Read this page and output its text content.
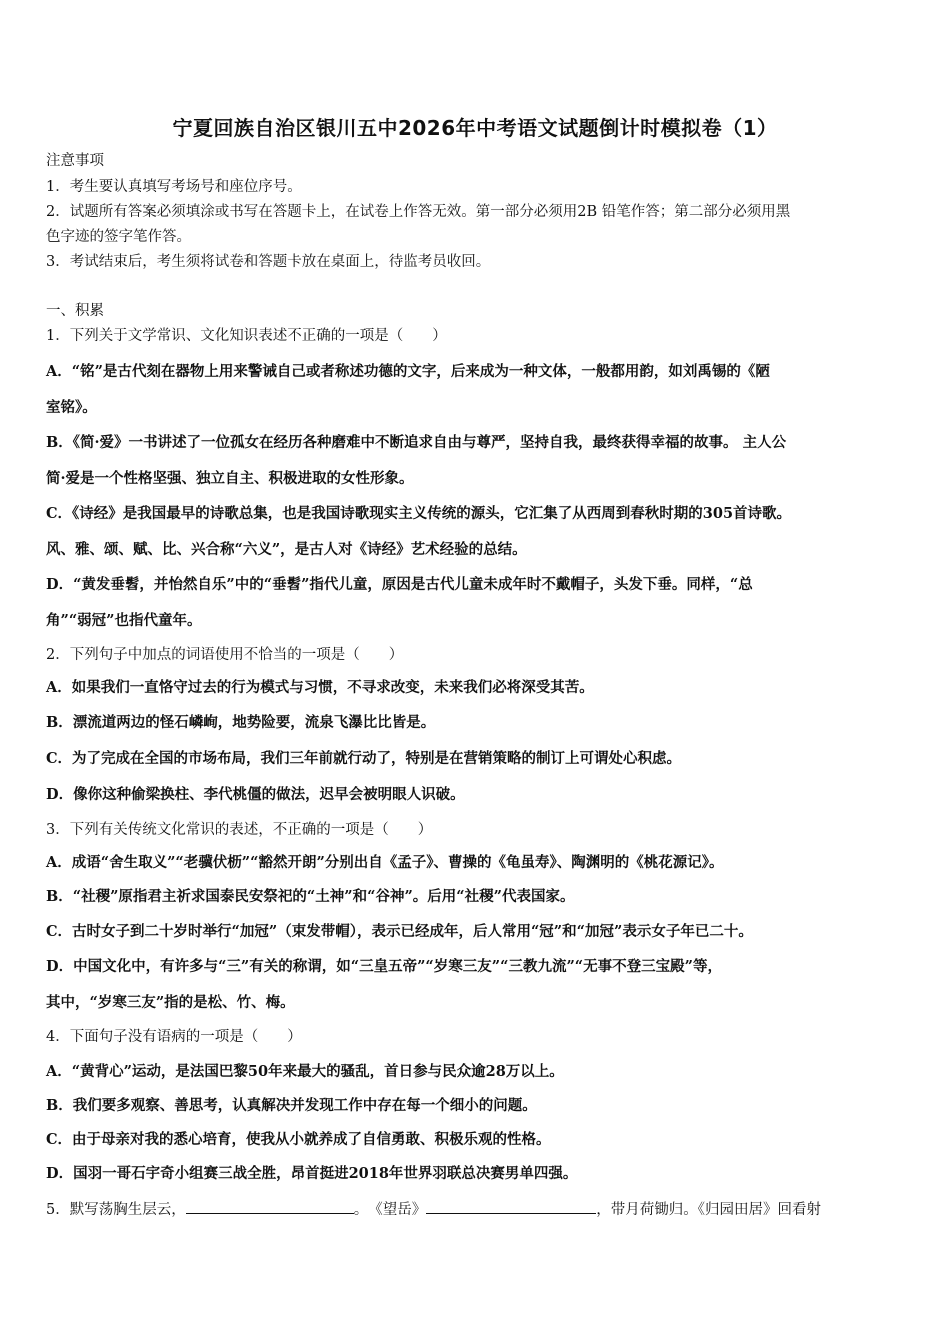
宁夏回族自治区银川五中2026年中考语文试题倒计时模拟卷（1）
注意事项
1．考生要认真填写考场号和座位序号。
2．试题所有答案必须填涂或书写在答题卡上，在试卷上作答无效。第一部分必须用2B 铅笔作答；第二部分必须用黑
色字迹的签字笔作答。
3．考试结束后，考生须将试卷和答题卡放在桌面上，待监考员收回。
一、积累
1．下列关于文学常识、文化知识表述不正确的一项是（　　）
A．“铭”是古代刻在器物上用来警诫自己或者称述功德的文字，后来成为一种文体，一般都用韵，如刘禹锡的《陋
室铭》。
B．《简·爱》一书讲述了一位孤女在经历各种磨难中不断追求自由与尊严，坚持自我，最终获得幸福的故事。 主人公
简·爱是一个性格坚强、独立自主、积极进取的女性形象。
C．《诗经》是我国最早的诗歌总集，也是我国诗歌现实主义传统的源头，它汇集了从西周到春秋时期的305首诗歌。
风、雅、颂、赋、比、兴合称“六义”，是古人对《诗经》艺术经验的总结。
D．“黄发垂髫，并怡然自乐”中的“垂髫”指代儿童，原因是古代儿童未成年时不戴帽子，头发下垂。同样，“总
角”“弱冠”也指代童年。
2．下列句子中加点的词语使用不恰当的一项是（　　）
A．如果我们一直恪守过去的行为模式与习惯，不寻求改变，未来我们必将深受其苦。
B．漂流道两边的怪石嶙峋，地势险要，流泉飞瀑比比皆是。
C．为了完成在全国的市场布局，我们三年前就行动了，特别是在营销策略的制订上可谓处心积虑。
D．像你这种偷梁换柱、李代桃僵的做法，迟早会被明眼人识破。
3．下列有关传统文化常识的表述，不正确的一项是（　　）
A．成语“舍生取义”“老骥伏枥”“豁然开朗”分别出自《孟子》、曹操的《龟虽寿》、陶渊明的《桃花源记》。
B．“社稷”原指君主祈求国泰民安祭祀的“土神”和“谷神”。后用“社稷”代表国家。
C．古时女子到二十岁时举行“加冠”（束发带帽），表示已经成年，后人常用“冠”和“加冠”表示女子年已二十。
D．中国文化中，有许多与“三”有关的称谓，如“三皇五帝”“岁寒三友”“三教九流”“无事不登三宝殿”等，
其中，“岁寒三友”指的是松、竹、梅。
4．下面句子没有语病的一项是（　　）
A．“黄背心”运动，是法国巴黎50年来最大的骚乱，首日参与民众逾28万以上。
B．我们要多观察、善思考，认真解决并发现工作中存在每一个细小的问题。
C．由于母亲对我的悉心培育，使我从小就养成了自信勇敢、积极乐观的性格。
D．国羽一哥石宇奇小组赛三战全胜，昂首挺进2018年世界羽联总决赛男单四强。
5．默写荡胸生层云，	。　《望岳》	，带月荷锄归。《归园田居》回看射
